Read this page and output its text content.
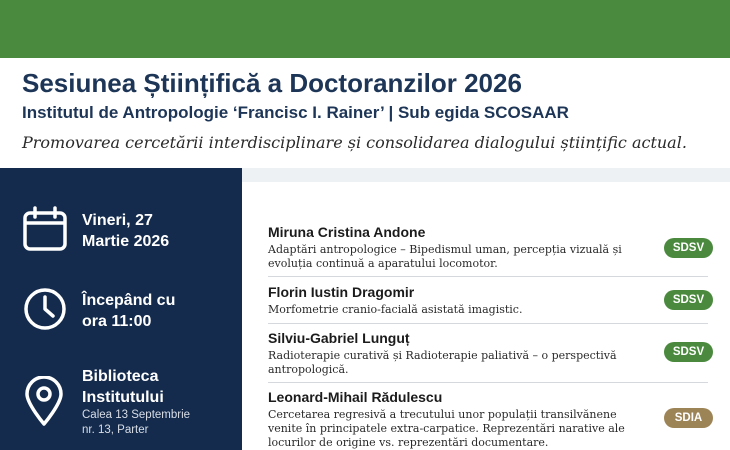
Sesiunea Științifică a Doctoranzilor 2026
Institutul de Antropologie ‘Francisc I. Rainer’ | Sub egida SCOSAAR
Promovarea cercetării interdisciplinare și consolidarea dialogului științific actual.
Vineri, 27
Martie 2026
Începând cu
ora 11:00
Biblioteca
Institutului
Calea 13 Septembrie
nr. 13, Parter
Miruna Cristina Andone
Adaptări antropologice – Bipedismul uman, percepția vizuală și evoluția continuă a aparatului locomotor.
SDSV
Florin Iustin Dragomir
Morfometrie cranio-facială asistată imagistic.
SDSV
Silviu-Gabriel Lunguț
Radioterapie curativă și Radioterapie paliativă – o perspectivă antropologică.
SDSV
Leonard-Mihail Rădulescu
Cercetarea regresivă a trecutului unor populații transilvănene venite în principatele extra-carpatice. Reprezentări narative ale locurilor de origine vs. reprezentări documentare.
SDIA
